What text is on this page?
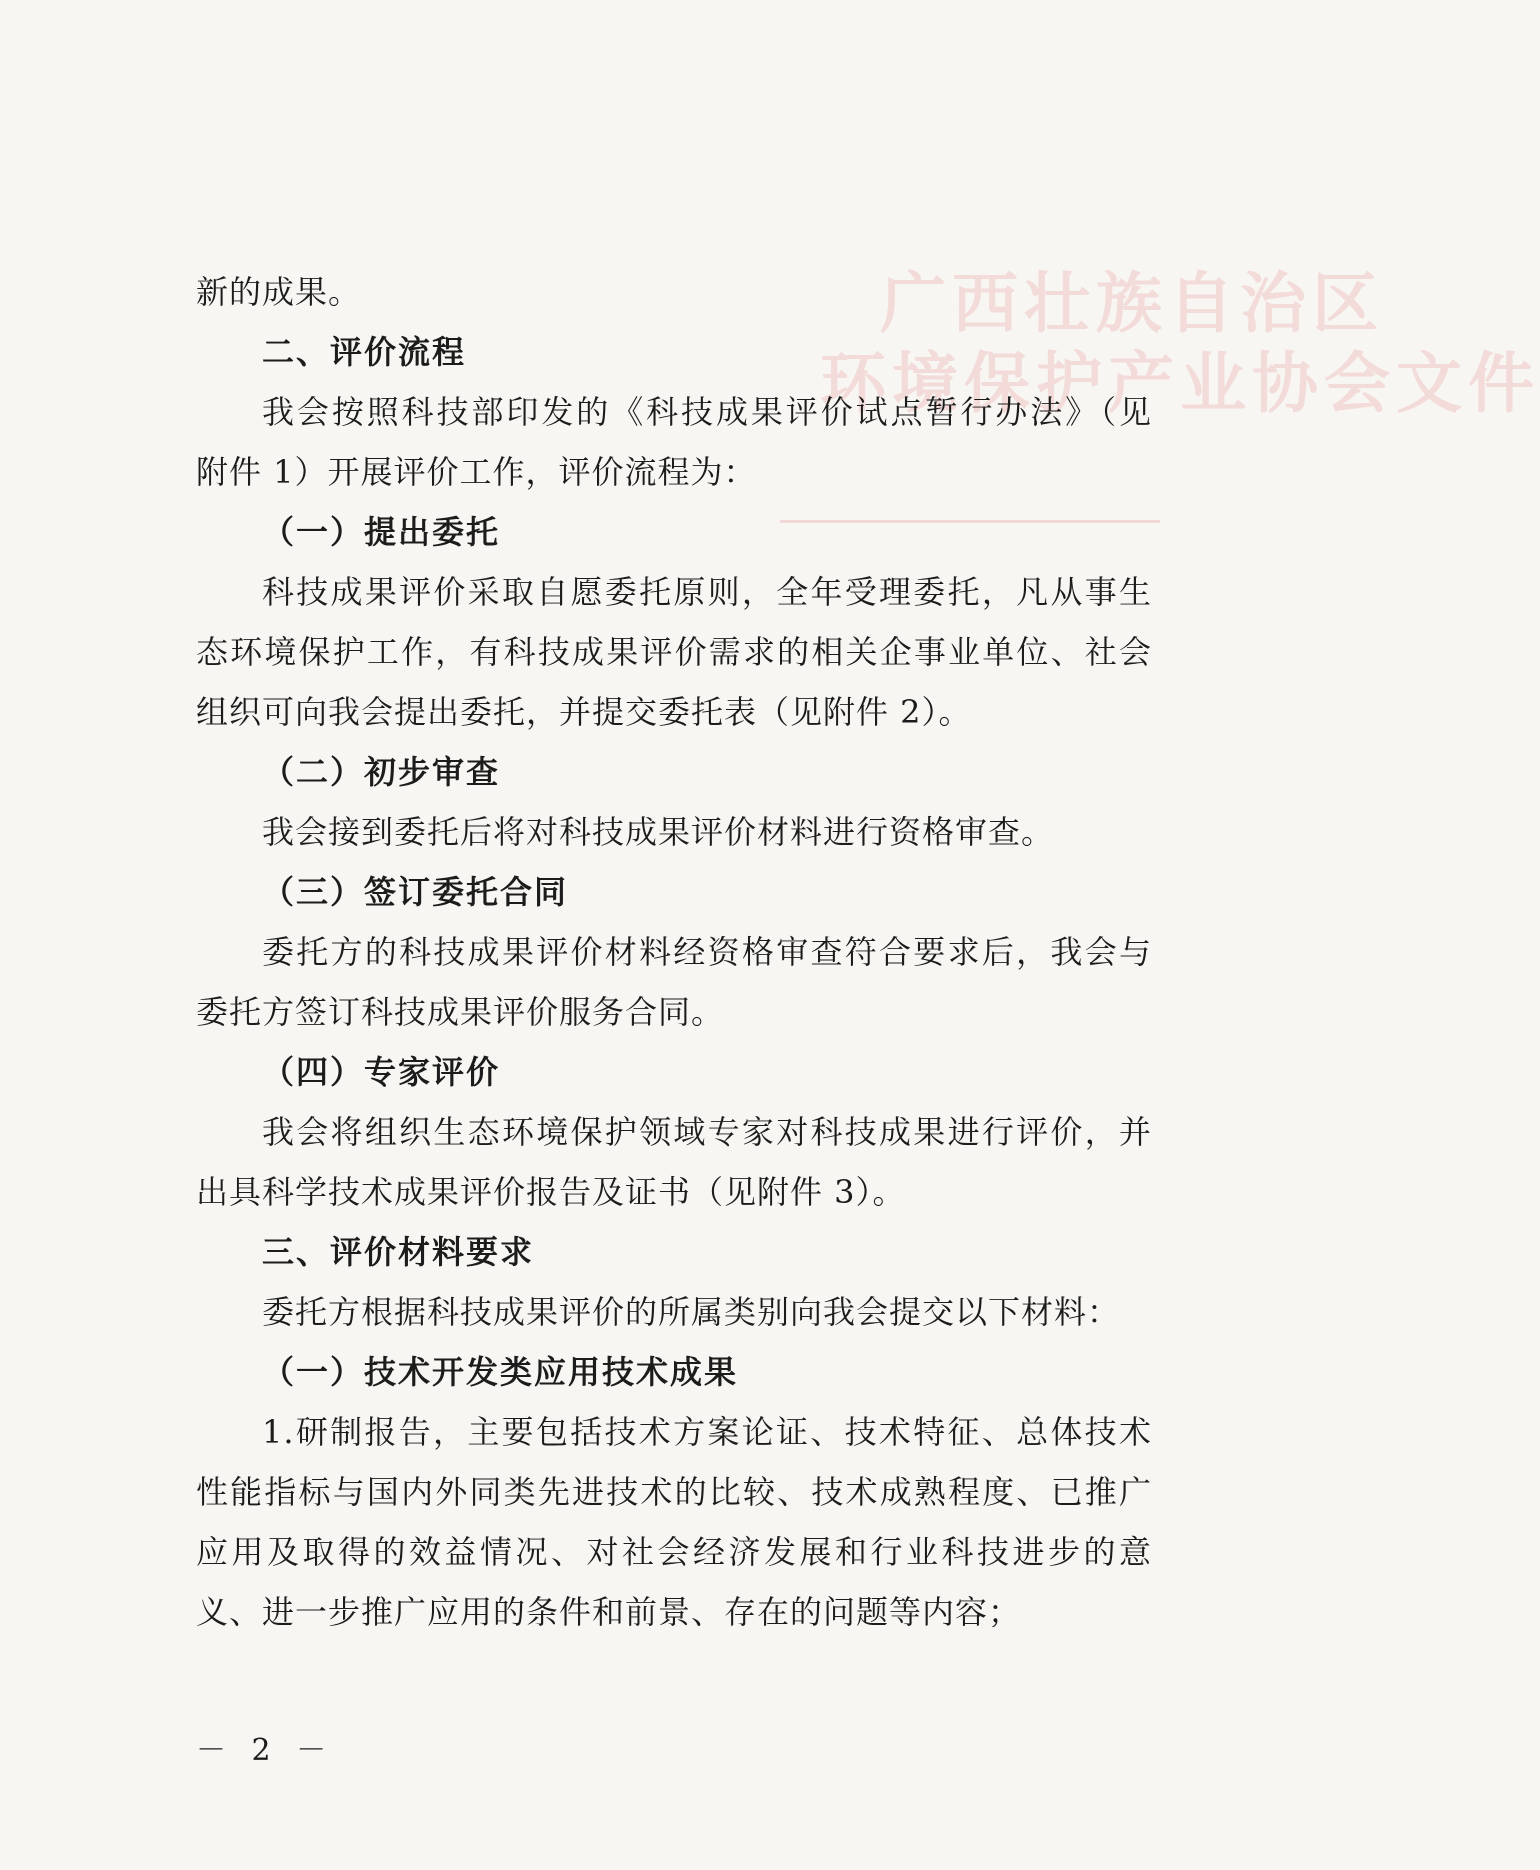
广西壮族自治区
环境保护产业协会文件
新的成果。
二、评价流程
我会按照科技部印发的《科技成果评价试点暂行办法》（见
附件 1）开展评价工作，评价流程为：
（一）提出委托
科技成果评价采取自愿委托原则，全年受理委托，凡从事生
态环境保护工作，有科技成果评价需求的相关企事业单位、社会
组织可向我会提出委托，并提交委托表（见附件 2）。
（二）初步审查
我会接到委托后将对科技成果评价材料进行资格审查。
（三）签订委托合同
委托方的科技成果评价材料经资格审查符合要求后，我会与
委托方签订科技成果评价服务合同。
（四）专家评价
我会将组织生态环境保护领域专家对科技成果进行评价，并
出具科学技术成果评价报告及证书（见附件 3）。
三、评价材料要求
委托方根据科技成果评价的所属类别向我会提交以下材料：
（一）技术开发类应用技术成果
1.研制报告，主要包括技术方案论证、技术特征、总体技术
性能指标与国内外同类先进技术的比较、技术成熟程度、已推广
应用及取得的效益情况、对社会经济发展和行业科技进步的意
义、进一步推广应用的条件和前景、存在的问题等内容；
－ 2 －
